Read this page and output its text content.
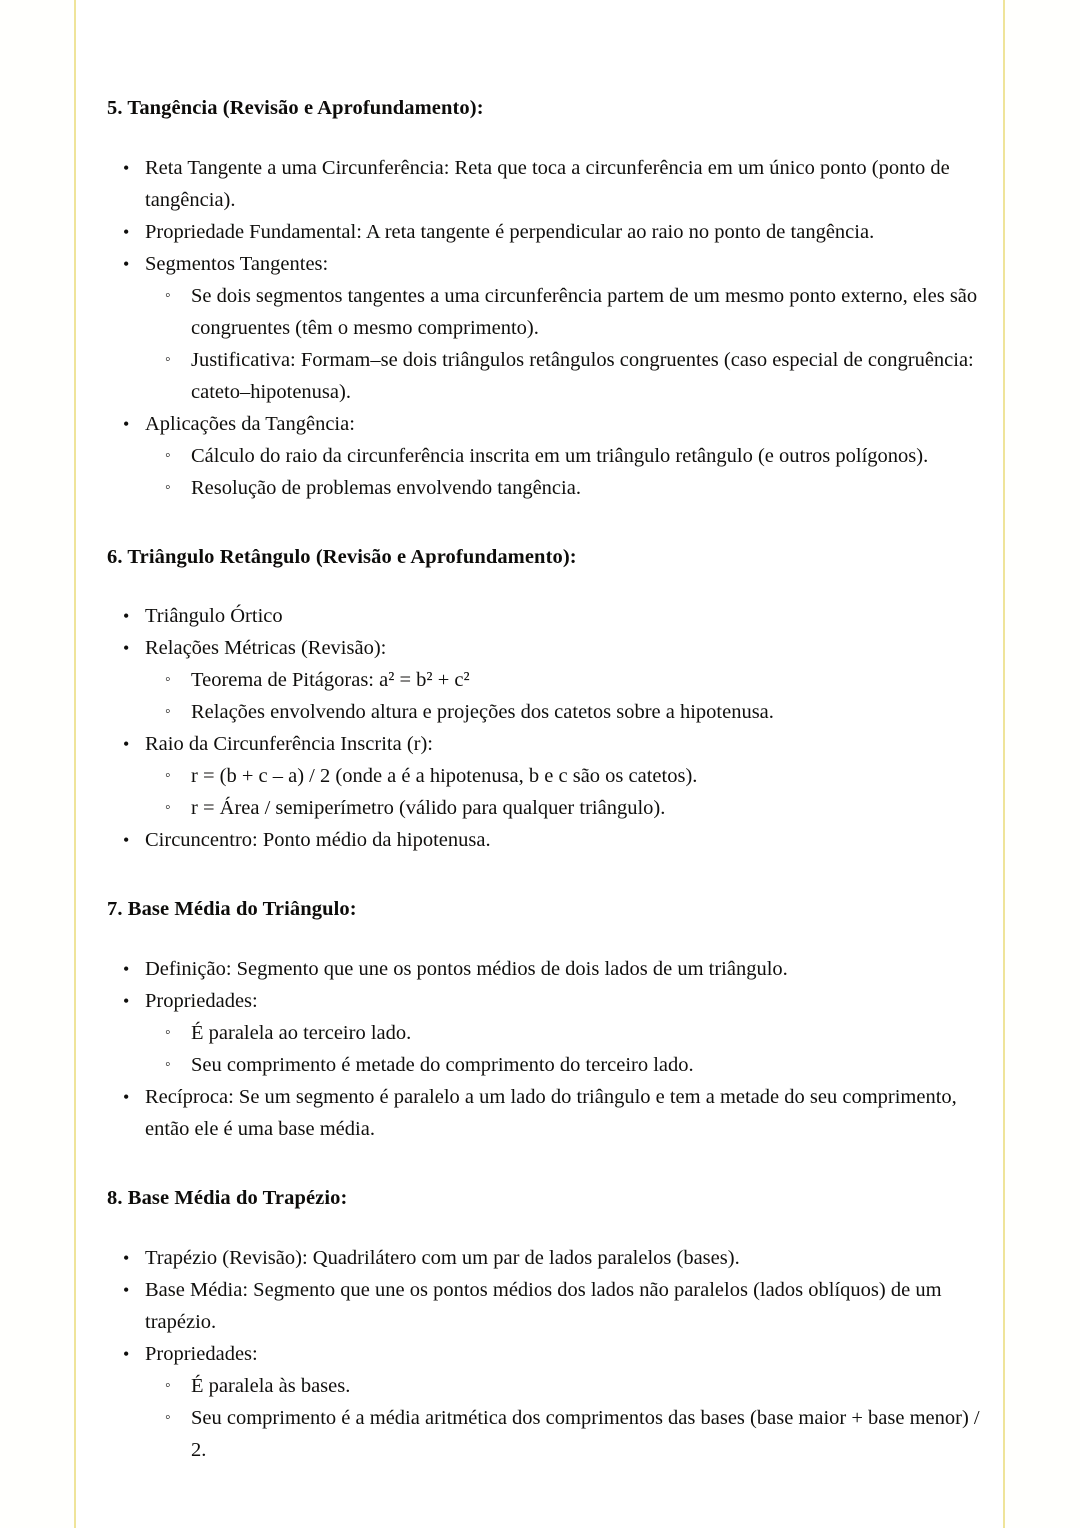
5. Tangência (Revisão e Aprofundamento):
• Reta Tangente a uma Circunferência: Reta que toca a circunferência em um único ponto (ponto de tangência).
• Propriedade Fundamental: A reta tangente é perpendicular ao raio no ponto de tangência.
• Segmentos Tangentes:
◦ Se dois segmentos tangentes a uma circunferência partem de um mesmo ponto externo, eles são congruentes (têm o mesmo comprimento).
◦ Justificativa: Formam–se dois triângulos retângulos congruentes (caso especial de congruência: cateto–hipotenusa).
• Aplicações da Tangência:
◦ Cálculo do raio da circunferência inscrita em um triângulo retângulo (e outros polígonos).
◦ Resolução de problemas envolvendo tangência.
6. Triângulo Retângulo (Revisão e Aprofundamento):
• Triângulo Órtico
• Relações Métricas (Revisão):
◦ Teorema de Pitágoras: a² = b² + c²
◦ Relações envolvendo altura e projeções dos catetos sobre a hipotenusa.
• Raio da Circunferência Inscrita (r):
◦ r = (b + c – a) / 2 (onde a é a hipotenusa, b e c são os catetos).
◦ r = Área / semiperímetro (válido para qualquer triângulo).
• Circuncentro: Ponto médio da hipotenusa.
7. Base Média do Triângulo:
• Definição: Segmento que une os pontos médios de dois lados de um triângulo.
• Propriedades:
◦ É paralela ao terceiro lado.
◦ Seu comprimento é metade do comprimento do terceiro lado.
• Recíproca: Se um segmento é paralelo a um lado do triângulo e tem a metade do seu comprimento, então ele é uma base média.
8. Base Média do Trapézio:
• Trapézio (Revisão): Quadrilátero com um par de lados paralelos (bases).
• Base Média: Segmento que une os pontos médios dos lados não paralelos (lados oblíquos) de um trapézio.
• Propriedades:
◦ É paralela às bases.
◦ Seu comprimento é a média aritmética dos comprimentos das bases (base maior + base menor) / 2.
